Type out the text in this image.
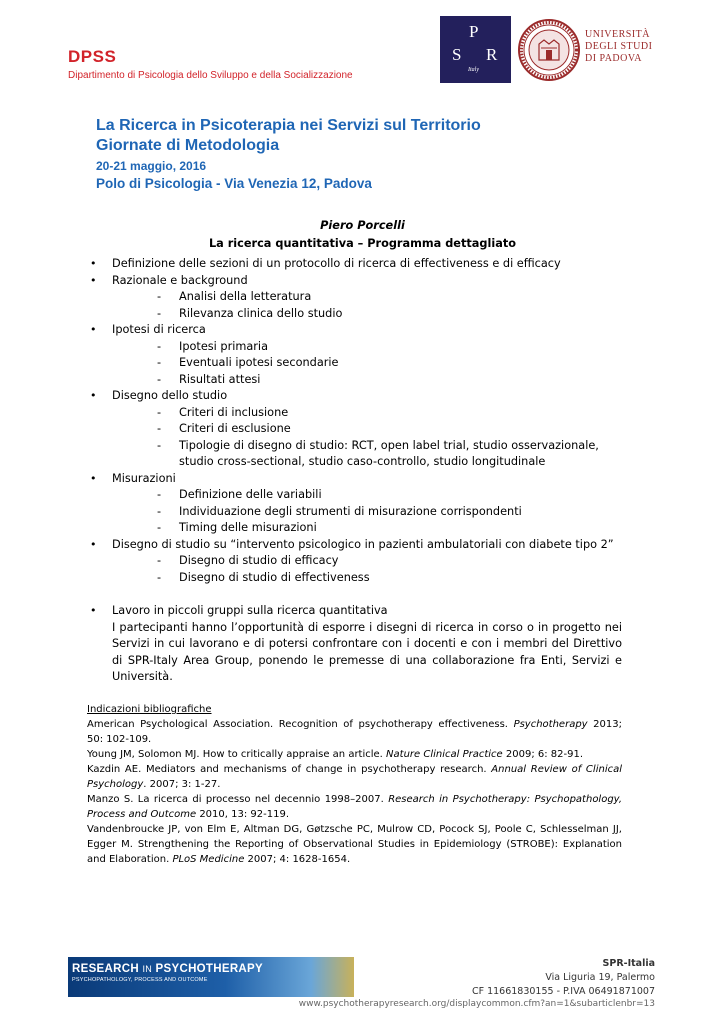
DPSS
Dipartimento di Psicologia dello Sviluppo e della Socializzazione
P
S R
Italy
UNIVERSITÀ
DEGLI STUDI
DI PADOVA
La Ricerca in Psicoterapia nei Servizi sul Territorio
Giornate di Metodologia
20-21 maggio, 2016
Polo di Psicologia - Via Venezia 12, Padova
Piero Porcelli
La ricerca quantitativa – Programma dettagliato
• Definizione delle sezioni di un protocollo di ricerca di effectiveness e di efficacy
• Razionale e background
- Analisi della letteratura
- Rilevanza clinica dello studio
• Ipotesi di ricerca
- Ipotesi primaria
- Eventuali ipotesi secondarie
- Risultati attesi
• Disegno dello studio
- Criteri di inclusione
- Criteri di esclusione
- Tipologie di disegno di studio: RCT, open label trial, studio osservazionale, studio cross-sectional, studio caso-controllo, studio longitudinale
• Misurazioni
- Definizione delle variabili
- Individuazione degli strumenti di misurazione corrispondenti
- Timing delle misurazioni
• Disegno di studio su “intervento psicologico in pazienti ambulatoriali con diabete tipo 2”
- Disegno di studio di efficacy
- Disegno di studio di effectiveness
• Lavoro in piccoli gruppi sulla ricerca quantitativa
I partecipanti hanno l’opportunità di esporre i disegni di ricerca in corso o in progetto nei Servizi in cui lavorano e di potersi confrontare con i docenti e con i membri del Direttivo di SPR-Italy Area Group, ponendo le premesse di una collaborazione fra Enti, Servizi e Università.
Indicazioni bibliografiche

American Psychological Association. Recognition of psychotherapy effectiveness. Psychotherapy 2013; 50: 102-109.

Young JM, Solomon MJ. How to critically appraise an article. Nature Clinical Practice 2009; 6: 82-91.

Kazdin AE. Mediators and mechanisms of change in psychotherapy research. Annual Review of Clinical Psychology. 2007; 3: 1-27.

Manzo S. La ricerca di processo nel decennio 1998–2007. Research in Psychotherapy: Psychopathology, Process and Outcome 2010, 13: 92-119.

Vandenbroucke JP, von Elm E, Altman DG, Gøtzsche PC, Mulrow CD, Pocock SJ, Poole C, Schlesselman JJ, Egger M. Strengthening the Reporting of Observational Studies in Epidemiology (STROBE): Explanation and Elaboration. PLoS Medicine 2007; 4: 1628-1654.

RESEARCH IN PSYCHOTHERAPY
PSYCHOPATHOLOGY, PROCESS AND OUTCOME
SPR-Italia
Via Liguria 19, Palermo
CF 11661830155 - P.IVA 06491871007
www.psychotherapyresearch.org/displaycommon.cfm?an=1&subarticlenbr=13
